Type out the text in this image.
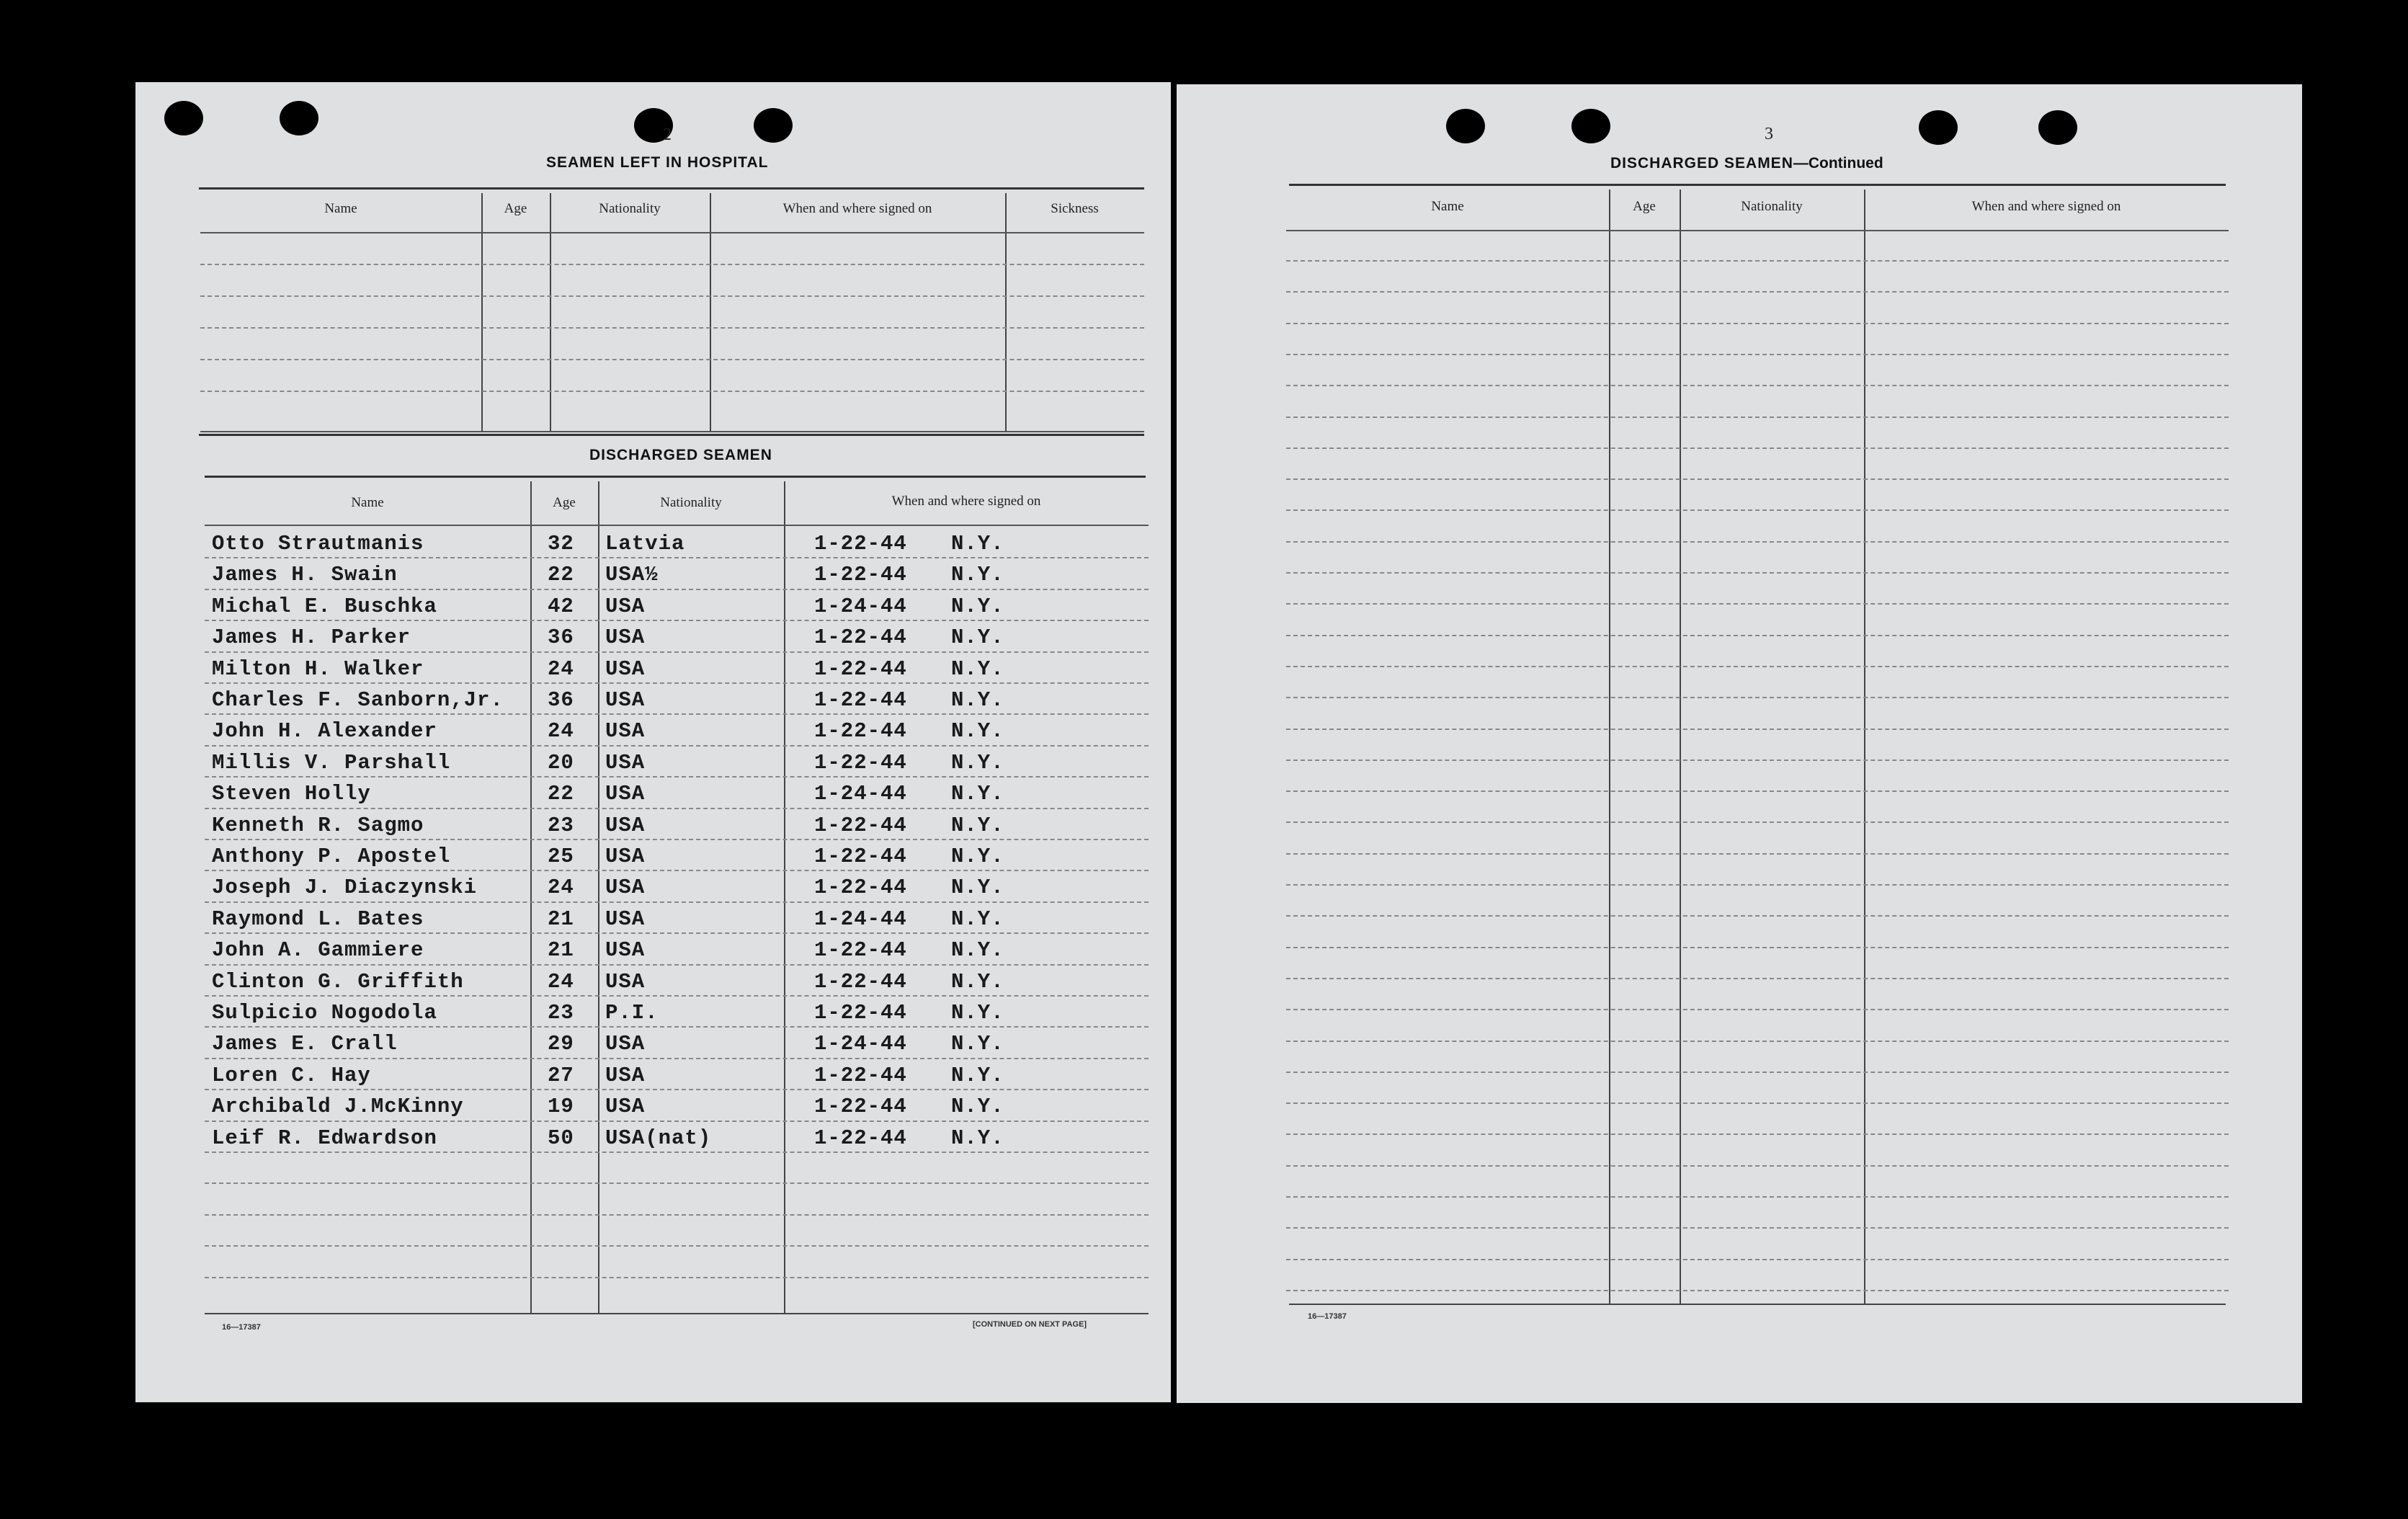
2
SEAMEN LEFT IN HOSPITAL
Name	Age	Nationality	When and where signed on	Sickness
DISCHARGED SEAMEN
Name	Age	Nationality	When and where signed on
Otto Strautmanis	32 Latvia	1-22-44 N.Y.
James H. Swain	22 USA½	1-22-44 N.Y.
Michal E. Buschka	42 USA	1-24-44 N.Y.
James H. Parker	36 USA	1-22-44 N.Y.
Milton H. Walker	24 USA	1-22-44 N.Y.
Charles F. Sanborn,Jr. 36 USA	1-22-44 N.Y.
John H. Alexander	24 USA	1-22-44 N.Y.
Millis V. Parshall	20 USA	1-22-44 N.Y.
Steven Holly	22 USA	1-24-44 N.Y.
Kenneth R. Sagmo	23 USA	1-22-44 N.Y.
Anthony P. Apostel	25 USA	1-22-44 N.Y.
Joseph J. Diaczynski	24 USA	1-22-44 N.Y.
Raymond L. Bates	21 USA	1-24-44 N.Y.
John A. Gammiere	21 USA	1-22-44 N.Y.
Clinton G. Griffith	24 USA	1-22-44 N.Y.
Sulpicio Nogodola	23 P.I.	1-22-44 N.Y.
James E. Crall	29 USA	1-24-44 N.Y.
Loren C. Hay	27 USA	1-22-44 N.Y.
Archibald J.McKinny	19 USA	1-22-44 N.Y.
Leif R. Edwardson	50 USA(nat)	1-22-44 N.Y.
16—17387	[CONTINUED ON NEXT PAGE]
3
DISCHARGED SEAMEN—Continued
Name	Age	Nationality	When and where signed on
16—17387
